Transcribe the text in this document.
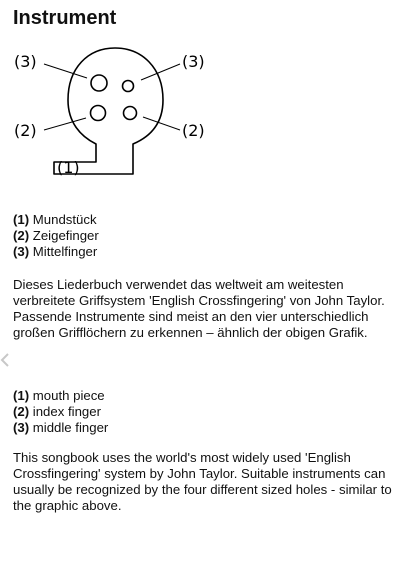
Instrument
(3)	(3)
(2)	(2)
(1)
(1) Mundstück
(2) Zeigefinger
(3) Mittelfinger

Dieses Liederbuch verwendet das weltweit am weitesten verbreitete Griffsystem 'English Crossfingering' von John Taylor. Passende Instrumente sind meist an den vier unterschiedlich großen Grifflöchern zu erkennen – ähnlich der obigen Grafik.

(1) mouth piece
(2) index finger
(3) middle finger

This songbook uses the world's most widely used 'English Crossfingering' system by John Taylor. Suitable instruments can usually be recognized by the four different sized holes - similar to the graphic above.
